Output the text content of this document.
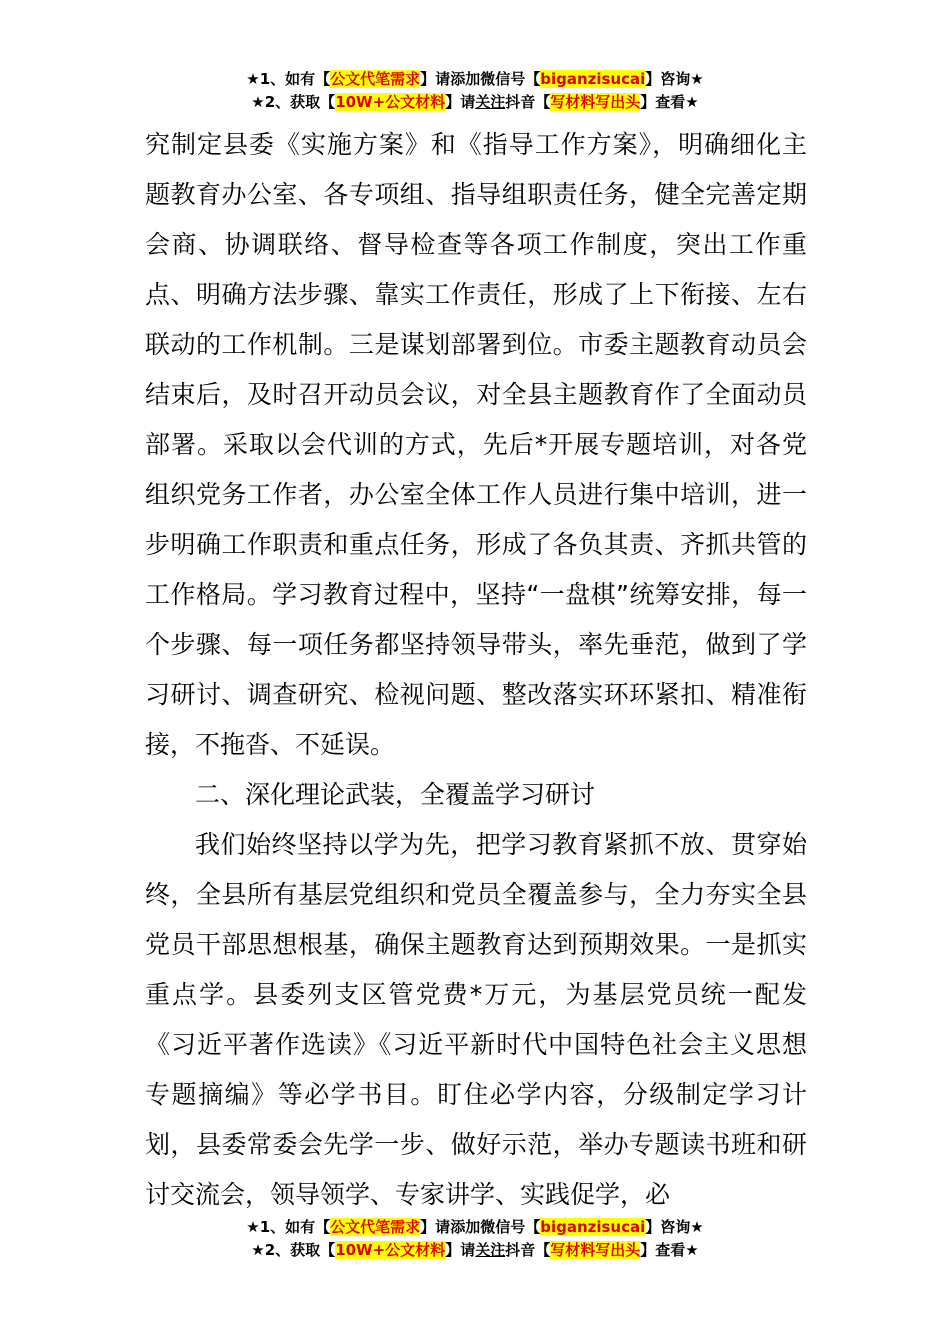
★1、如有【公文代笔需求】请添加微信号【biganzisucai】咨询★
★2、获取【10W+公文材料】请关注抖音【写材料写出头】查看★

究制定县委《实施方案》和《指导工作方案》，明确细化主题教育办公室、各专项组、指导组职责任务，健全完善定期会商、协调联络、督导检查等各项工作制度，突出工作重点、明确方法步骤、靠实工作责任，形成了上下衔接、左右联动的工作机制。三是谋划部署到位。市委主题教育动员会结束后，及时召开动员会议，对全县主题教育作了全面动员部署。采取以会代训的方式，先后*开展专题培训，对各党组织党务工作者，办公室全体工作人员进行集中培训，进一步明确工作职责和重点任务，形成了各负其责、齐抓共管的工作格局。学习教育过程中，坚持“一盘棋”统筹安排，每一个步骤、每一项任务都坚持领导带头，率先垂范，做到了学习研讨、调查研究、检视问题、整改落实环环紧扣、精准衔接，不拖沓、不延误。

二、深化理论武装，全覆盖学习研讨

我们始终坚持以学为先，把学习教育紧抓不放、贯穿始终，全县所有基层党组织和党员全覆盖参与，全力夯实全县党员干部思想根基，确保主题教育达到预期效果。一是抓实重点学。县委列支区管党费*万元，为基层党员统一配发《习近平著作选读》《习近平新时代中国特色社会主义思想专题摘编》等必学书目。盯住必学内容，分级制定学习计划，县委常委会先学一步、做好示范，举办专题读书班和研讨交流会，领导领学、专家讲学、实践促学，必

★1、如有【公文代笔需求】请添加微信号【biganzisucai】咨询★
★2、获取【10W+公文材料】请关注抖音【写材料写出头】查看★
